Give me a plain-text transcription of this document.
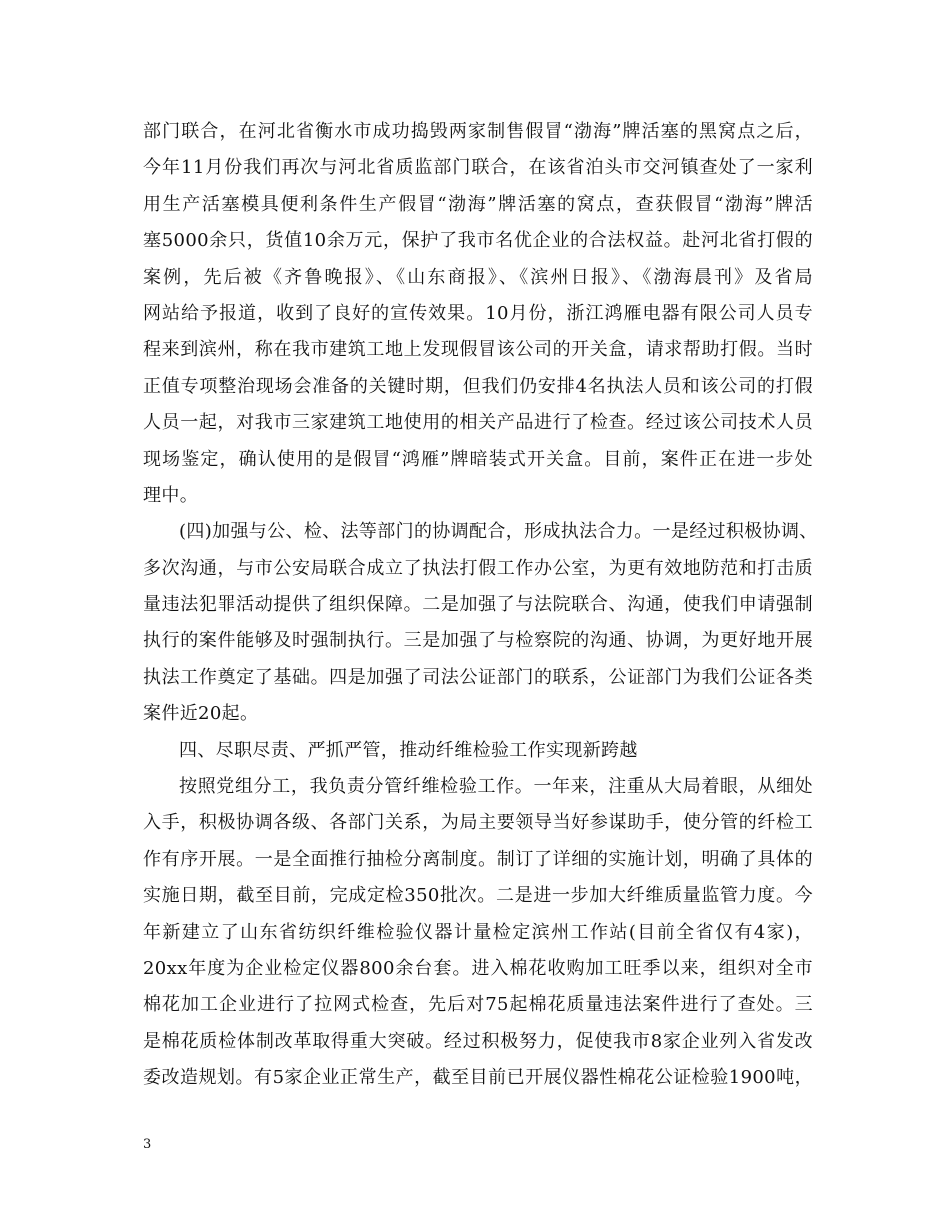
部门联合，在河北省衡水市成功捣毁两家制售假冒“渤海”牌活塞的黑窝点之后，
今年11月份我们再次与河北省质监部门联合，在该省泊头市交河镇查处了一家利
用生产活塞模具便利条件生产假冒“渤海”牌活塞的窝点，查获假冒“渤海”牌活
塞5000余只，货值10余万元，保护了我市名优企业的合法权益。赴河北省打假的
案例，先后被《齐鲁晚报》、《山东商报》、《滨州日报》、《渤海晨刊》及省局
网站给予报道，收到了良好的宣传效果。10月份，浙江鸿雁电器有限公司人员专
程来到滨州，称在我市建筑工地上发现假冒该公司的开关盒，请求帮助打假。当时
正值专项整治现场会准备的关键时期，但我们仍安排4名执法人员和该公司的打假
人员一起，对我市三家建筑工地使用的相关产品进行了检查。经过该公司技术人员
现场鉴定，确认使用的是假冒“鸿雁”牌暗装式开关盒。目前，案件正在进一步处
理中。
(四)加强与公、检、法等部门的协调配合，形成执法合力。一是经过积极协调、
多次沟通，与市公安局联合成立了执法打假工作办公室，为更有效地防范和打击质
量违法犯罪活动提供了组织保障。二是加强了与法院联合、沟通，使我们申请强制
执行的案件能够及时强制执行。三是加强了与检察院的沟通、协调，为更好地开展
执法工作奠定了基础。四是加强了司法公证部门的联系，公证部门为我们公证各类
案件近20起。
四、尽职尽责、严抓严管，推动纤维检验工作实现新跨越
按照党组分工，我负责分管纤维检验工作。一年来，注重从大局着眼，从细处
入手，积极协调各级、各部门关系，为局主要领导当好参谋助手，使分管的纤检工
作有序开展。一是全面推行抽检分离制度。制订了详细的实施计划，明确了具体的
实施日期，截至目前，完成定检350批次。二是进一步加大纤维质量监管力度。今
年新建立了山东省纺织纤维检验仪器计量检定滨州工作站(目前全省仅有4家)，
20xx年度为企业检定仪器800余台套。进入棉花收购加工旺季以来，组织对全市
棉花加工企业进行了拉网式检查，先后对75起棉花质量违法案件进行了查处。三
是棉花质检体制改革取得重大突破。经过积极努力，促使我市8家企业列入省发改
委改造规划。有5家企业正常生产，截至目前已开展仪器性棉花公证检验1900吨，
3
